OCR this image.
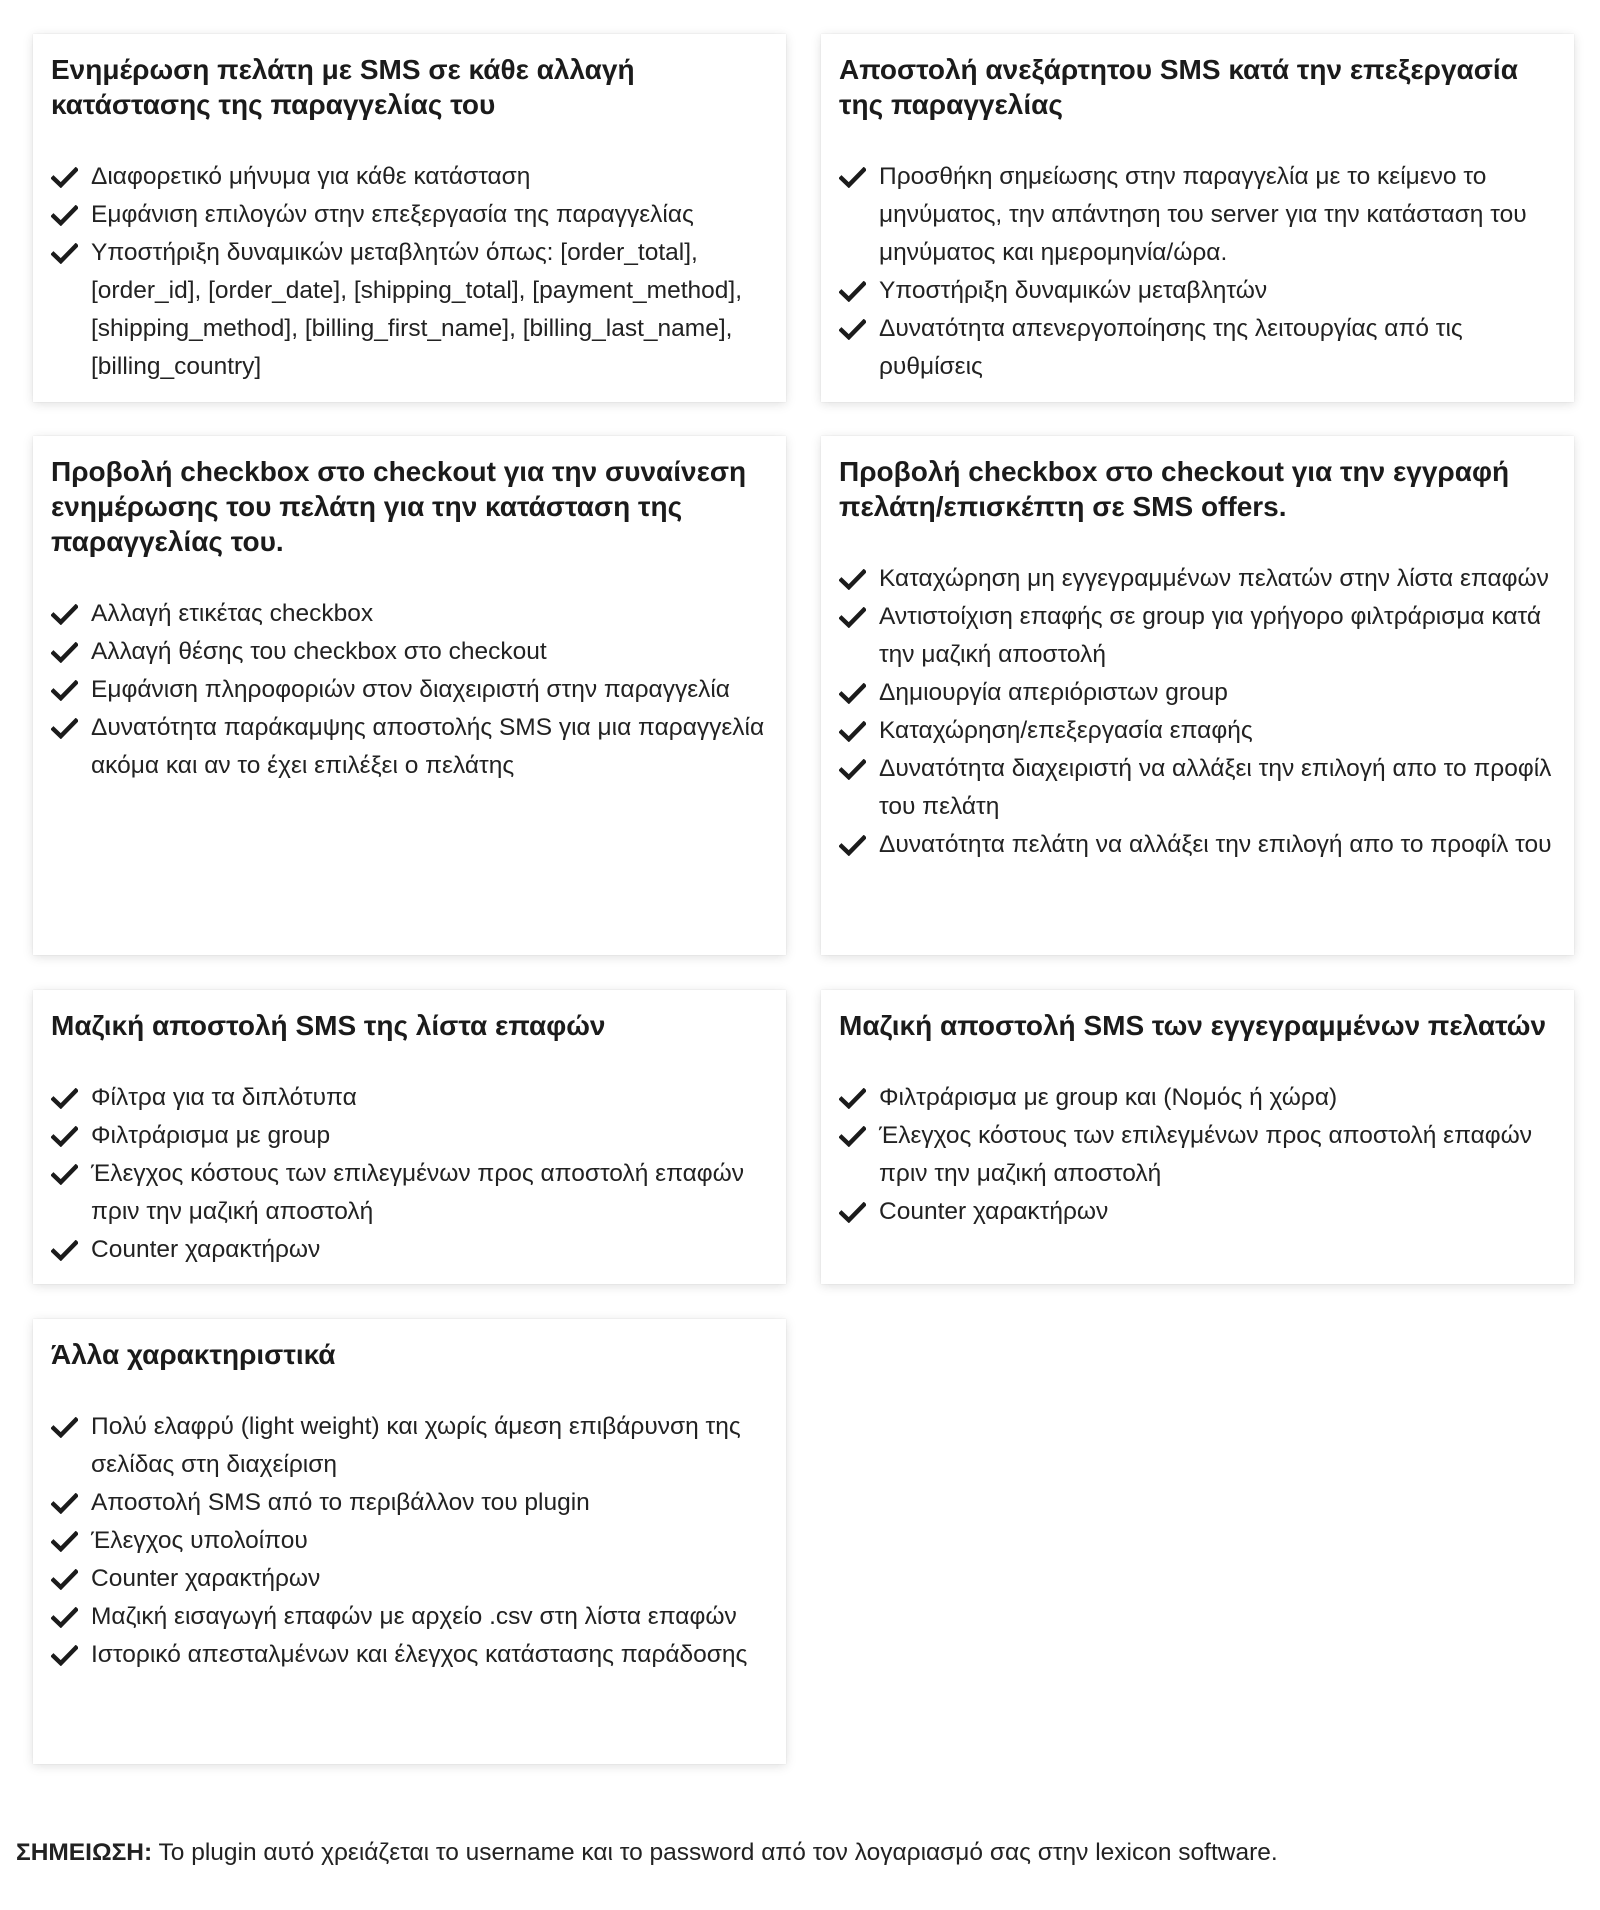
Ενημέρωση πελάτη με SMS σε κάθε αλλαγή κατάστασης της παραγγελίας του
Διαφορετικό μήνυμα για κάθε κατάσταση
Εμφάνιση επιλογών στην επεξεργασία της παραγγελίας
Υποστήριξη δυναμικών μεταβλητών όπως: [order_total], [order_id], [order_date], [shipping_total], [payment_method], [shipping_method], [billing_first_name], [billing_last_name], [billing_country]
Αποστολή ανεξάρτητου SMS κατά την επεξεργασία της παραγγελίας
Προσθήκη σημείωσης στην παραγγελία με το κείμενο το μηνύματος, την απάντηση του server για την κατάσταση του μηνύματος και ημερομηνία/ώρα.
Υποστήριξη δυναμικών μεταβλητών
Δυνατότητα απενεργοποίησης της λειτουργίας από τις ρυθμίσεις
Προβολή checkbox στο checkout για την συναίνεση ενημέρωσης του πελάτη για την κατάσταση της παραγγελίας του.
Αλλαγή ετικέτας checkbox
Αλλαγή θέσης του checkbox στο checkout
Εμφάνιση πληροφοριών στον διαχειριστή στην παραγγελία
Δυνατότητα παράκαμψης αποστολής SMS για μια παραγγελία ακόμα και αν το έχει επιλέξει ο πελάτης
Προβολή checkbox στο checkout για την εγγραφή πελάτη/επισκέπτη σε SMS offers.
Καταχώρηση μη εγγεγραμμένων πελατών στην λίστα επαφών
Αντιστοίχιση επαφής σε group για γρήγορο φιλτράρισμα κατά την μαζική αποστολή
Δημιουργία απεριόριστων group
Καταχώρηση/επεξεργασία επαφής
Δυνατότητα διαχειριστή να αλλάξει την επιλογή απο το προφίλ του πελάτη
Δυνατότητα πελάτη να αλλάξει την επιλογή απο το προφίλ του
Μαζική αποστολή SMS της λίστα επαφών
Φίλτρα για τα διπλότυπα
Φιλτράρισμα με group
Έλεγχος κόστους των επιλεγμένων προς αποστολή επαφών πριν την μαζική αποστολή
Counter χαρακτήρων
Μαζική αποστολή SMS των εγγεγραμμένων πελατών
Φιλτράρισμα με group και (Νομός ή χώρα)
Έλεγχος κόστους των επιλεγμένων προς αποστολή επαφών πριν την μαζική αποστολή
Counter χαρακτήρων
Άλλα χαρακτηριστικά
Πολύ ελαφρύ (light weight) και χωρίς άμεση επιβάρυνση της σελίδας στη διαχείριση
Αποστολή SMS από το περιβάλλον του plugin
Έλεγχος υπολοίπου
Counter χαρακτήρων
Μαζική εισαγωγή επαφών με αρχείο .csv στη λίστα επαφών
Ιστορικό απεσταλμένων και έλεγχος κατάστασης παράδοσης
ΣΗΜΕΙΩΣΗ: Το plugin αυτό χρειάζεται το username και το password από τον λογαριασμό σας στην lexicon software.
